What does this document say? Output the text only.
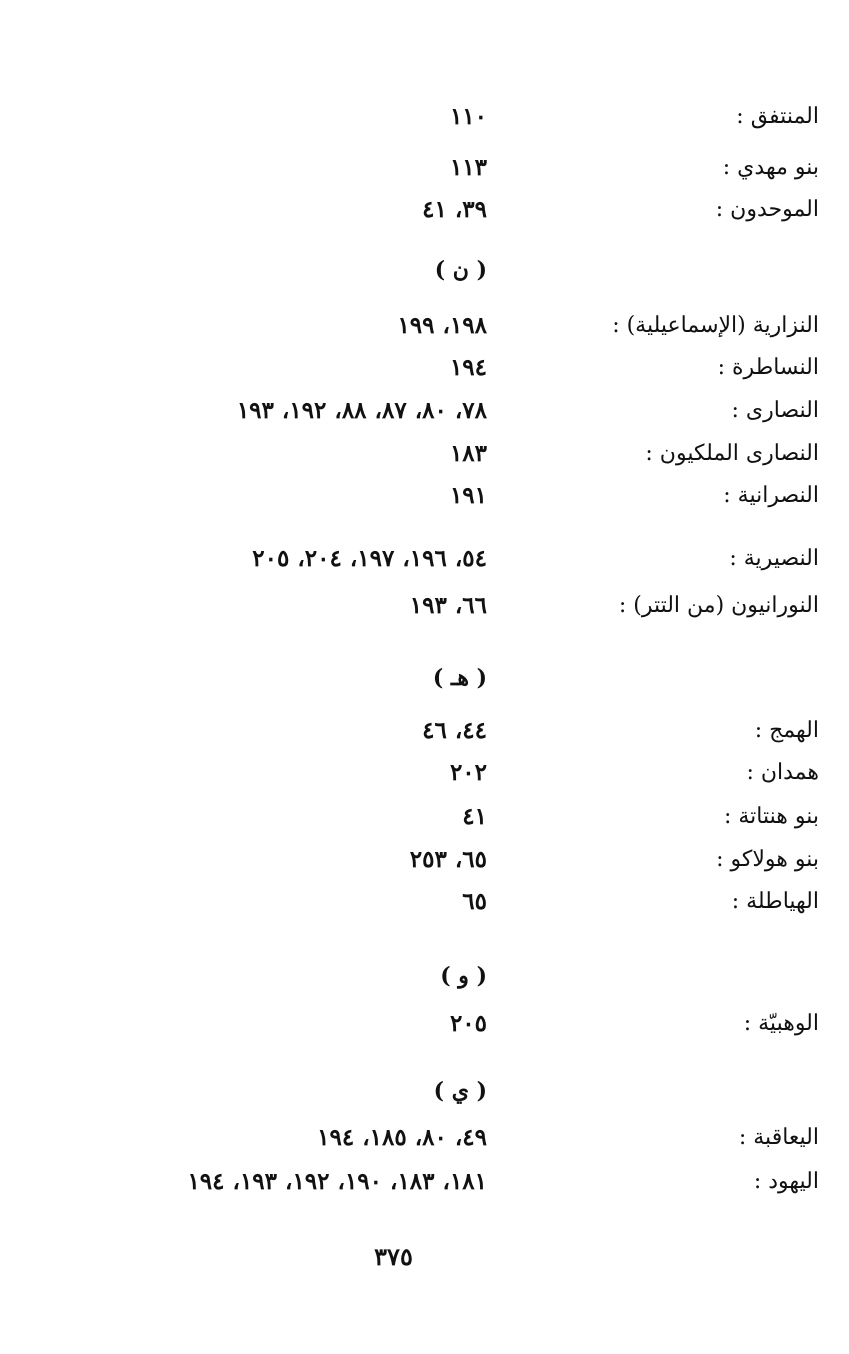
المنتفق :
١١٠
بنو مهدي :
١١٣
الموحدون :
٣٩، ٤١
( ن )
النزارية (الإسماعيلية) :
١٩٨، ١٩٩
النساطرة :
١٩٤
النصارى :
٧٨، ٨٠، ٨٧، ٨٨، ١٩٢، ١٩٣
النصارى الملكيون :
١٨٣
النصرانية :
١٩١
النصيرية :
٥٤، ١٩٦، ١٩٧، ٢٠٤، ٢٠٥
النورانيون (من التتر) :
٦٦، ١٩٣
( هـ )
الهمج :
٤٤، ٤٦
همدان :
٢٠٢
بنو هنتاتة :
٤١
بنو هولاكو :
٦٥، ٢٥٣
الهياطلة :
٦٥
( و )
الوهبيّة :
٢٠٥
( ي )
اليعاقبة :
٤٩، ٨٠، ١٨٥، ١٩٤
اليهود :
١٨١، ١٨٣، ١٩٠، ١٩٢، ١٩٣، ١٩٤
٣٧٥
